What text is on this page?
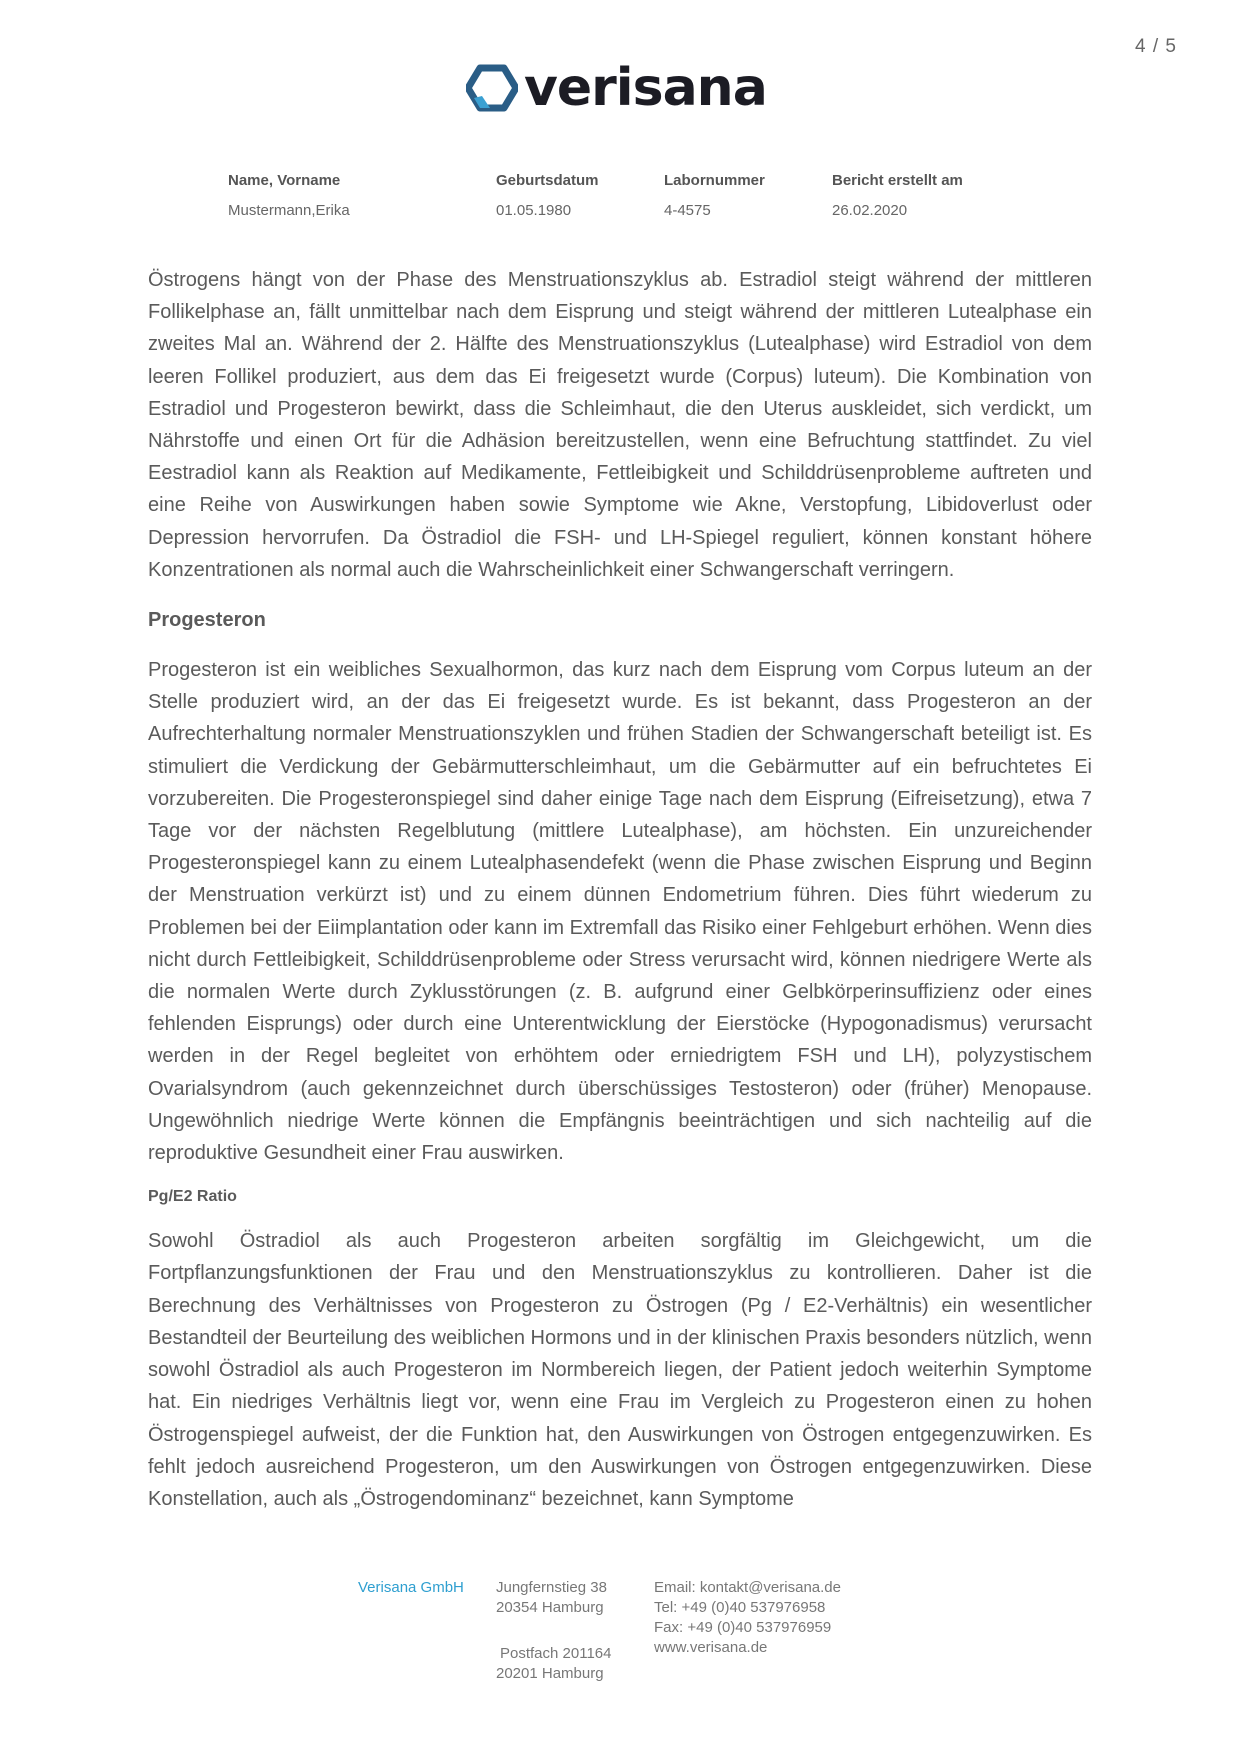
4 / 5
verisana
Name, Vorname
Mustermann,Erika
Geburtsdatum
01.05.1980
Labornummer
4-4575
Bericht erstellt am
26.02.2020

Östrogens hängt von der Phase des Menstruationszyklus ab. Estradiol steigt während der mittleren Follikelphase an, fällt unmittelbar nach dem Eisprung und steigt während der mittleren Lutealphase ein zweites Mal an. Während der 2. Hälfte des Menstruationszyklus (Lutealphase) wird Estradiol von dem leeren Follikel produziert, aus dem das Ei freigesetzt wurde (Corpus) luteum). Die Kombination von Estradiol und Progesteron bewirkt, dass die Schleimhaut, die den Uterus auskleidet, sich verdickt, um Nährstoffe und einen Ort für die Adhäsion bereitzustellen, wenn eine Befruchtung stattfindet. Zu viel Eestradiol kann als Reaktion auf Medikamente, Fettleibigkeit und Schilddrüsenprobleme auftreten und eine Reihe von Auswirkungen haben sowie Symptome wie Akne, Verstopfung, Libidoverlust oder Depression hervorrufen. Da Östradiol die FSH- und LH-Spiegel reguliert, können konstant höhere Konzentrationen als normal auch die Wahrscheinlichkeit einer Schwangerschaft verringern.

Progesteron

Progesteron ist ein weibliches Sexualhormon, das kurz nach dem Eisprung vom Corpus luteum an der Stelle produziert wird, an der das Ei freigesetzt wurde. Es ist bekannt, dass Progesteron an der Aufrechterhaltung normaler Menstruationszyklen und frühen Stadien der Schwangerschaft beteiligt ist. Es stimuliert die Verdickung der Gebärmutterschleimhaut, um die Gebärmutter auf ein befruchtetes Ei vorzubereiten. Die Progesteronspiegel sind daher einige Tage nach dem Eisprung (Eifreisetzung), etwa 7 Tage vor der nächsten Regelblutung (mittlere Lutealphase), am höchsten. Ein unzureichender Progesteronspiegel kann zu einem Lutealphasendefekt (wenn die Phase zwischen Eisprung und Beginn der Menstruation verkürzt ist) und zu einem dünnen Endometrium führen. Dies führt wiederum zu Problemen bei der Eiimplantation oder kann im Extremfall das Risiko einer Fehlgeburt erhöhen. Wenn dies nicht durch Fettleibigkeit, Schilddrüsenprobleme oder Stress verursacht wird, können niedrigere Werte als die normalen Werte durch Zyklusstörungen (z. B. aufgrund einer Gelbkörperinsuffizienz oder eines fehlenden Eisprungs) oder durch eine Unterentwicklung der Eierstöcke (Hypogonadismus) verursacht werden in der Regel begleitet von erhöhtem oder erniedrigtem FSH und LH), polyzystischem Ovarialsyndrom (auch gekennzeichnet durch überschüssiges Testosteron) oder (früher) Menopause. Ungewöhnlich niedrige Werte können die Empfängnis beeinträchtigen und sich nachteilig auf die reproduktive Gesundheit einer Frau auswirken.

Pg/E2 Ratio

Sowohl Östradiol als auch Progesteron arbeiten sorgfältig im Gleichgewicht, um die Fortpflanzungsfunktionen der Frau und den Menstruationszyklus zu kontrollieren. Daher ist die Berechnung des Verhältnisses von Progesteron zu Östrogen (Pg / E2-Verhältnis) ein wesentlicher Bestandteil der Beurteilung des weiblichen Hormons und in der klinischen Praxis besonders nützlich, wenn sowohl Östradiol als auch Progesteron im Normbereich liegen, der Patient jedoch weiterhin Symptome hat. Ein niedriges Verhältnis liegt vor, wenn eine Frau im Vergleich zu Progesteron einen zu hohen Östrogenspiegel aufweist, der die Funktion hat, den Auswirkungen von Östrogen entgegenzuwirken. Es fehlt jedoch ausreichend Progesteron, um den Auswirkungen von Östrogen entgegenzuwirken. Diese Konstellation, auch als „Östrogendominanz“ bezeichnet, kann Symptome

Verisana GmbH	Jungfernstieg 38
20354 Hamburg
Postfach 201164
20201 Hamburg
Email: kontakt@verisana.de
Tel: +49 (0)40 537976958
Fax: +49 (0)40 537976959
www.verisana.de
